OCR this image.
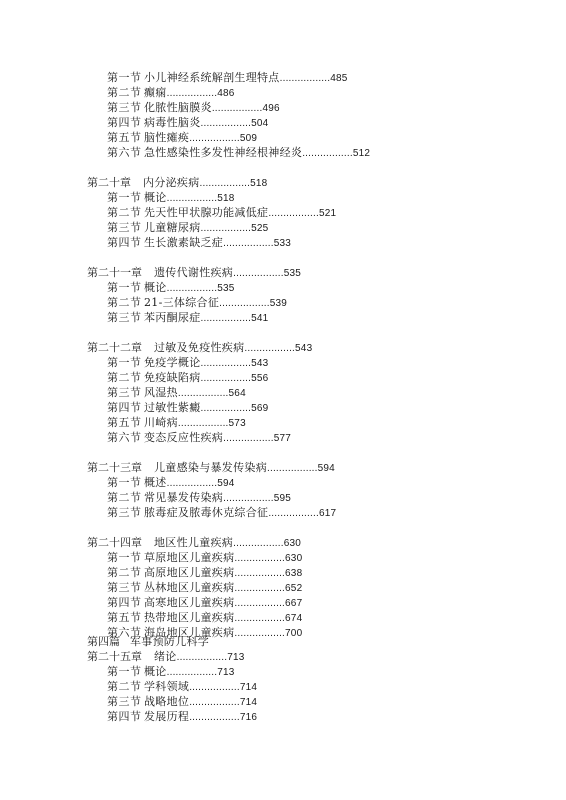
第一节 小儿神经系统解剖生理特点.................485
第二节 癫痫.................486
第三节 化脓性脑膜炎.................496
第四节 病毒性脑炎.................504
第五节 脑性瘫痪.................509
第六节 急性感染性多发性神经根神经炎.................512
第二十章 内分泌疾病.................518
第一节 概论.................518
第二节 先天性甲状腺功能减低症.................521
第三节 儿童糖尿病.................525
第四节 生长激素缺乏症.................533
第二十一章 遗传代谢性疾病.................535
第一节 概论.................535
第二节 21-三体综合征.................539
第三节 苯丙酮尿症.................541
第二十二章 过敏及免疫性疾病.................543
第一节 免疫学概论.................543
第二节 免疫缺陷病.................556
第三节 风湿热.................564
第四节 过敏性紫癜.................569
第五节 川崎病.................573
第六节 变态反应性疾病.................577
第二十三章 儿童感染与暴发传染病.................594
第一节 概述.................594
第二节 常见暴发传染病.................595
第三节 脓毒症及脓毒休克综合征.................617
第二十四章 地区性儿童疾病.................630
第一节 草原地区儿童疾病.................630
第二节 高原地区儿童疾病.................638
第三节 丛林地区儿童疾病.................652
第四节 高寒地区儿童疾病.................667
第五节 热带地区儿童疾病.................674
第六节 海岛地区儿童疾病.................700
第四篇 军事预防儿科学
第二十五章 绪论.................713
第一节 概论.................713
第二节 学科领域.................714
第三节 战略地位.................714
第四节 发展历程.................716
